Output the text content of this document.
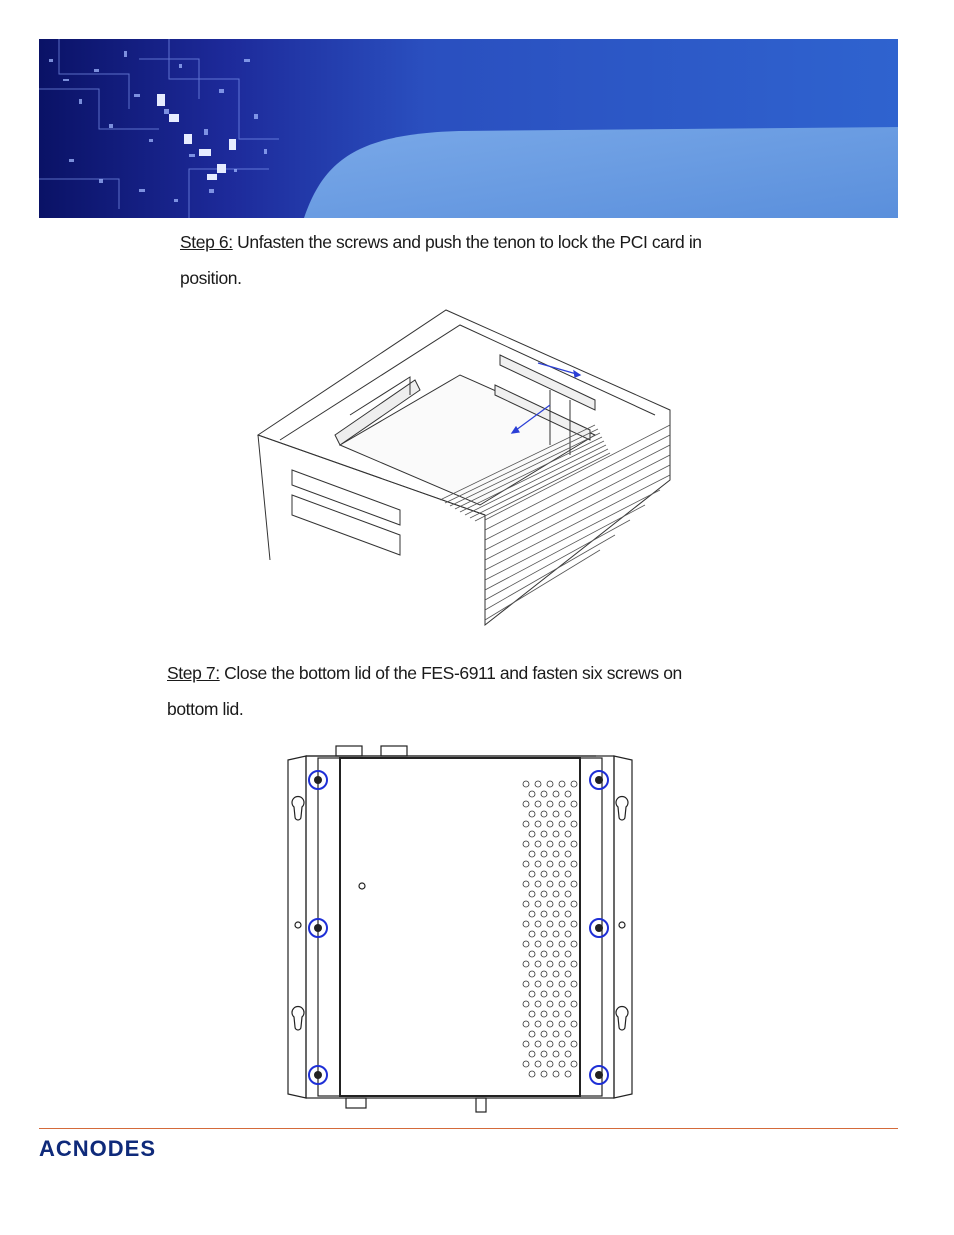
Step 6: Unfasten the screws and push the tenon to lock the PCI card in
position.
Step 7: Close the bottom lid of the FES-6911 and fasten six screws on
bottom lid.
ACNODES
